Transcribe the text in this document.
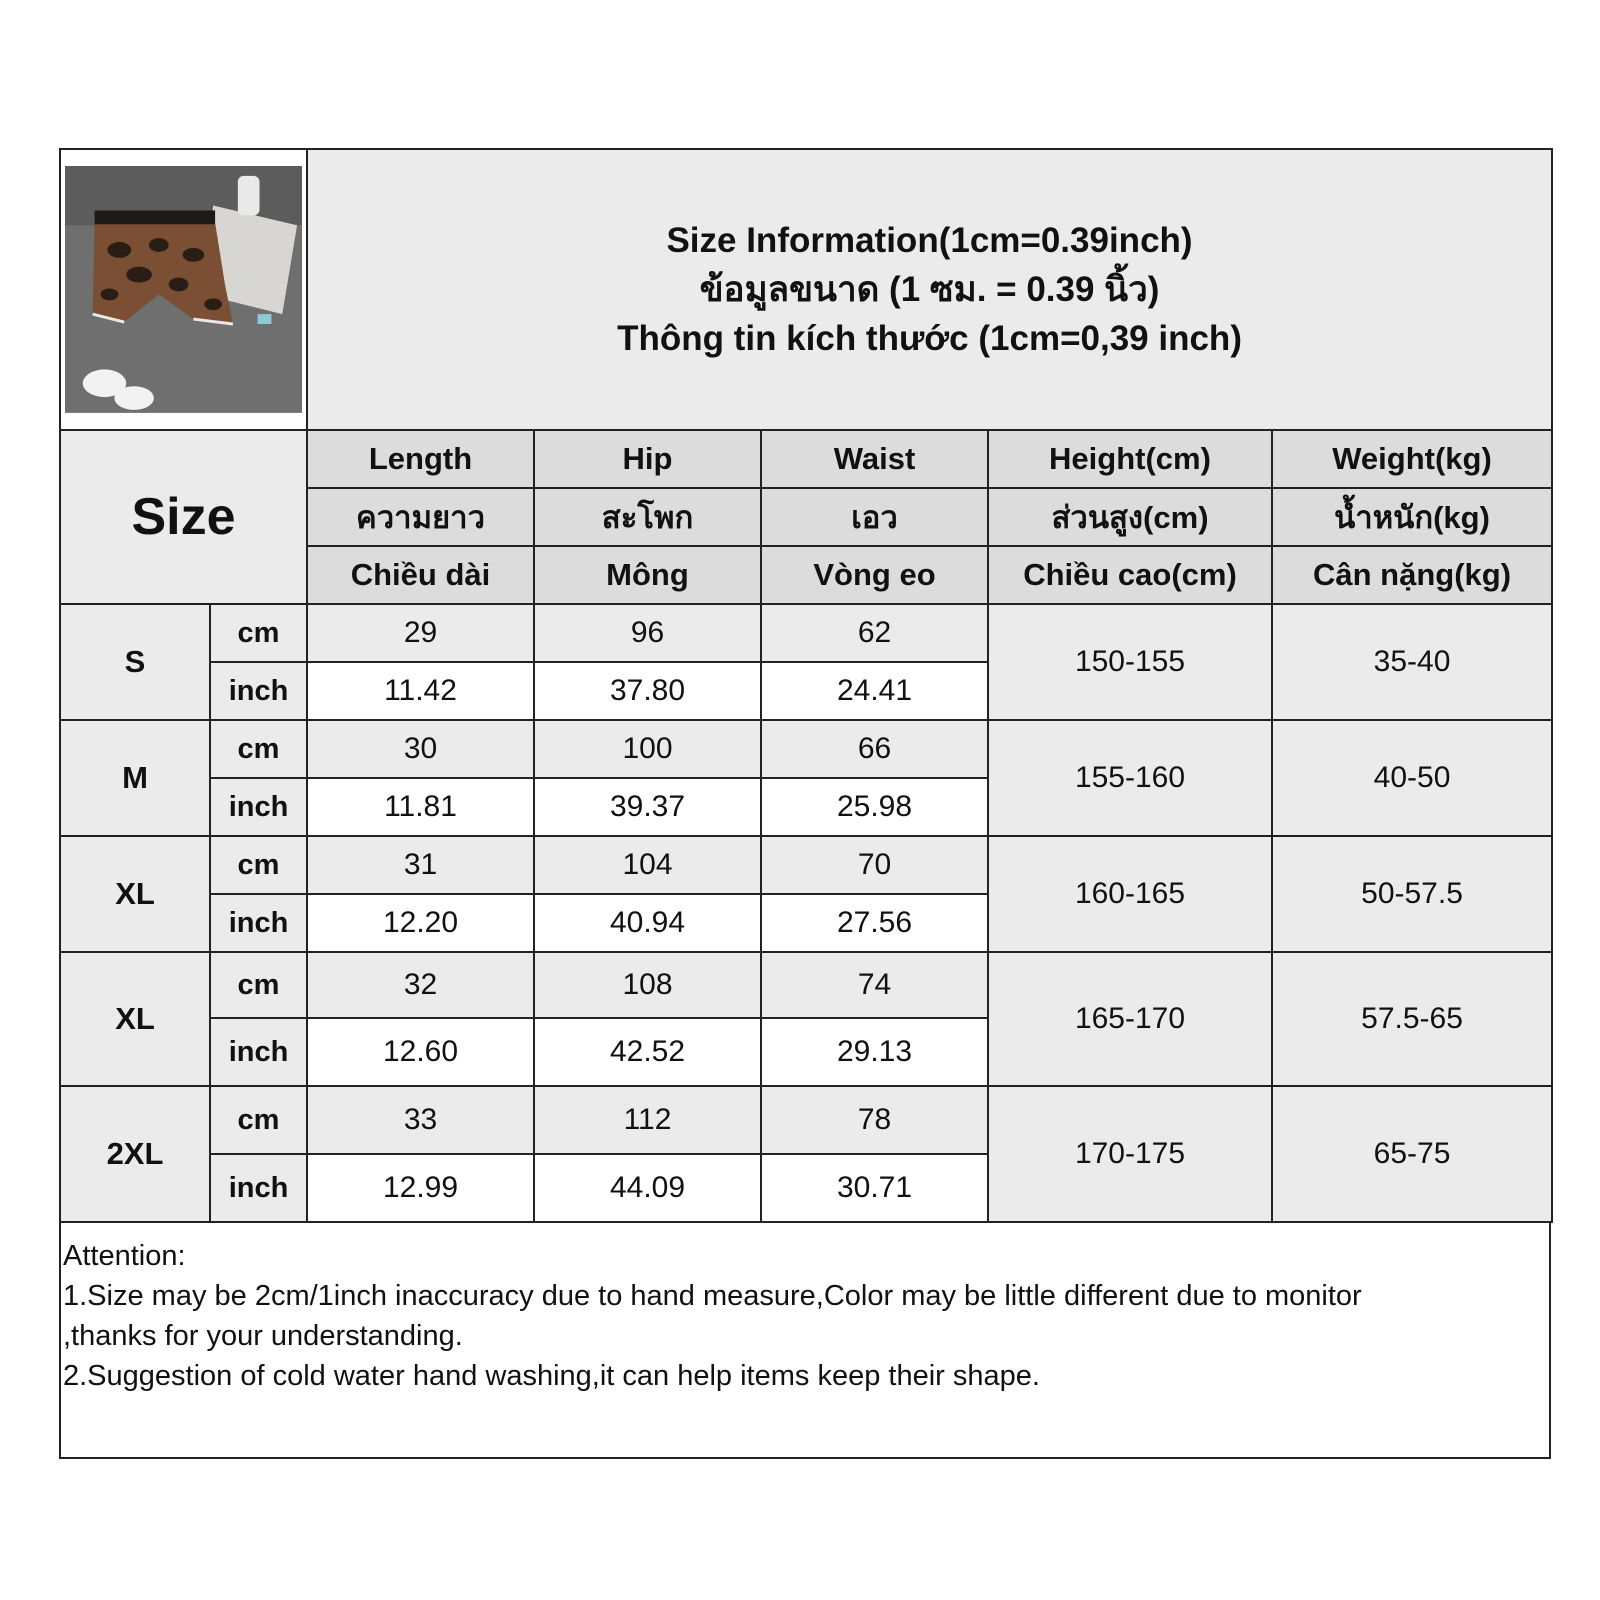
Size Information(1cm=0.39inch)
ข้อมูลขนาด (1 ซม. = 0.39 นิ้ว)
Thông tin kích thước (1cm=0,39 inch)				

Size		Length	Hip	Waist	Height(cm)	Weight(kg)
		ความยาว	สะโพก	เอว	ส่วนสูง(cm)	น้ำหนัก(kg)
		Chiều dài	Mông	Vòng eo	Chiều cao(cm)	Cân nặng(kg)
S	cm	29	96	62	150-155	35-40
	inch	11.42	37.80	24.41		
M	cm	30	100	66	155-160	40-50
	inch	11.81	39.37	25.98		
XL	cm	31	104	70	160-165	50-57.5
	inch	12.20	40.94	27.56		
XL	cm	32	108	74	165-170	57.5-65
	inch	12.60	42.52	29.13		
2XL	cm	33	112	78	170-175	65-75
	inch	12.99	44.09	30.71		
Attention:
1.Size may be 2cm/1inch inaccuracy due to hand measure,Color may be little different due to monitor
,thanks for your understanding.
2.Suggestion of cold water hand washing,it can help items keep their shape.
